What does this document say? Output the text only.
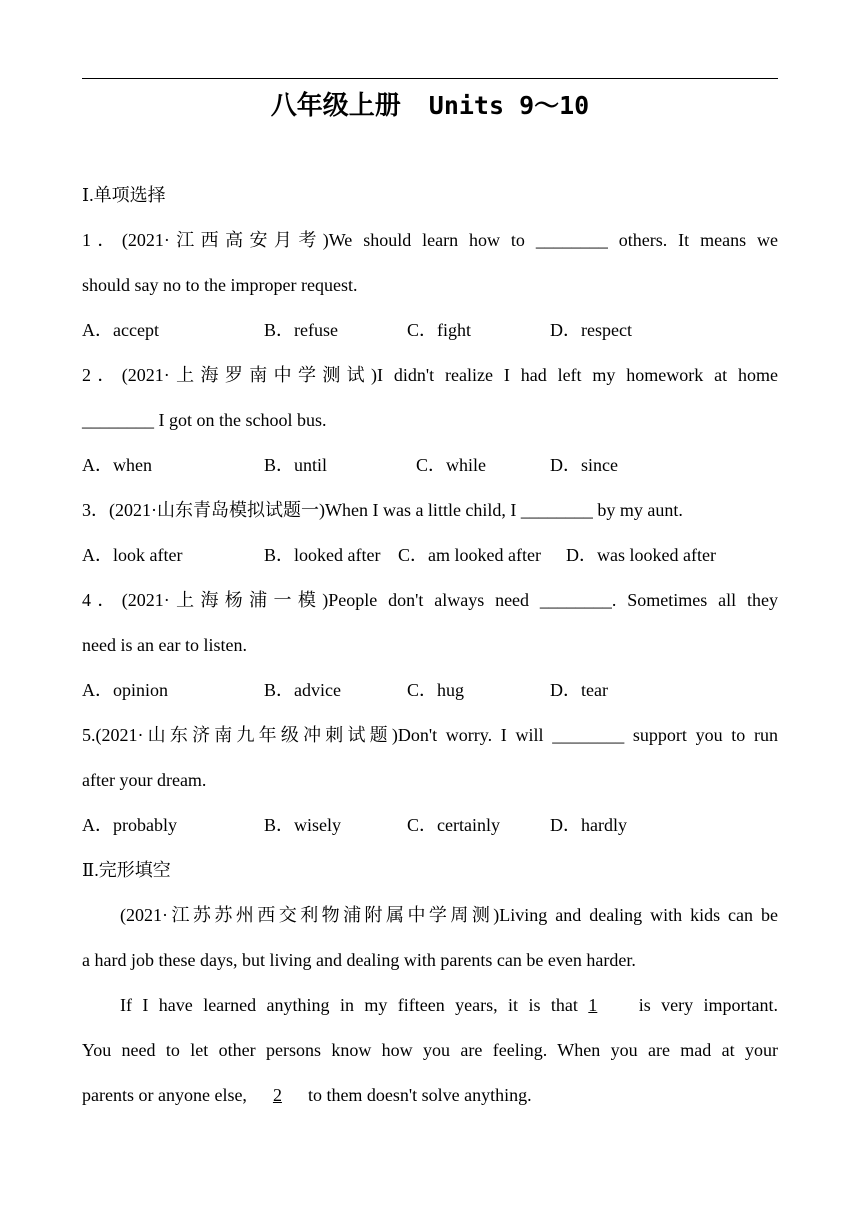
八年级上册 Units 9～10
Ⅰ.单项选择
1．(2021·江西高安月考)We should learn how to ________ others. It means we
should say no to the improper request.
A．accept	B．refuse	C．fight	D．respect
2．(2021·上海罗南中学测试)I didn't realize I had left my homework at home
________ I got on the school bus.
A．when	B．until	C．while	D．since
3．(2021·山东青岛模拟试题一)When I was a little child, I ________ by my aunt.
A．look after	B．looked after C．am looked after D．was looked after
4．(2021·上海杨浦一模)People don't always need ________. Sometimes all they
need is an ear to listen.
A．opinion	B．advice	C．hug	D．tear
5.(2021·山东济南九年级冲刺试题)Don't worry. I will ________ support you to run
after your dream.
A．probably	B．wisely	C．certainly	D．hardly
Ⅱ.完形填空
(2021·江苏苏州西交利物浦附属中学周测)Living and dealing with kids can be
a hard job these days, but living and dealing with parents can be even harder.
If I have learned anything in my fifteen years, it is that 1 is very important.
You need to let other persons know how you are feeling. When you are mad at your
parents or anyone else, 2 to them doesn't solve anything.
